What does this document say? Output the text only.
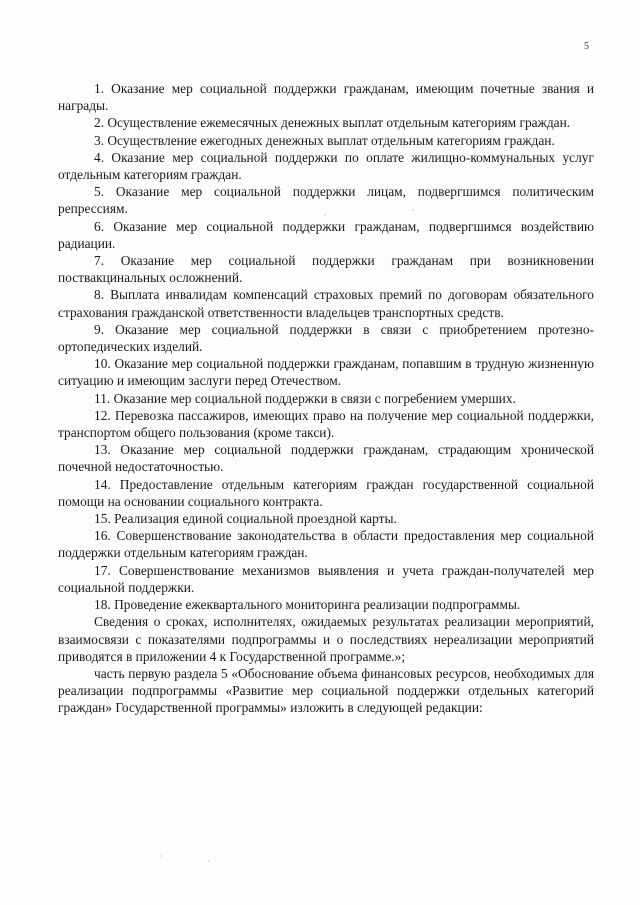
5

1. Оказание мер социальной поддержки гражданам, имеющим почетные звания и награды.

2. Осуществление ежемесячных денежных выплат отдельным категориям граждан.

3. Осуществление ежегодных денежных выплат отдельным категориям граждан.

4. Оказание мер социальной поддержки по оплате жилищно-коммунальных услуг отдельным категориям граждан.

5. Оказание мер социальной поддержки лицам, подвергшимся политическим репрессиям.

6. Оказание мер социальной поддержки гражданам, подвергшимся воздействию радиации.

7. Оказание мер социальной поддержки гражданам при возникновении поствакцинальных осложнений.

8. Выплата инвалидам компенсаций страховых премий по договорам обязательного страхования гражданской ответственности владельцев транспортных средств.

9. Оказание мер социальной поддержки в связи с приобретением протезно-ортопедических изделий.

10. Оказание мер социальной поддержки гражданам, попавшим в трудную жизненную ситуацию и имеющим заслуги перед Отечеством.

11. Оказание мер социальной поддержки в связи с погребением умерших.

12. Перевозка пассажиров, имеющих право на получение мер социальной поддержки, транспортом общего пользования (кроме такси).

13. Оказание мер социальной поддержки гражданам, страдающим хронической почечной недостаточностью.

14. Предоставление отдельным категориям граждан государственной социальной помощи на основании социального контракта.

15. Реализация единой социальной проездной карты.

16. Совершенствование законодательства в области предоставления мер социальной поддержки отдельным категориям граждан.

17. Совершенствование механизмов выявления и учета граждан-получателей мер социальной поддержки.

18. Проведение ежеквартального мониторинга реализации подпрограммы.

Сведения о сроках, исполнителях, ожидаемых результатах реализации мероприятий, взаимосвязи с показателями подпрограммы и о последствиях нереализации мероприятий приводятся в приложении 4 к Государственной программе.»;

часть первую раздела 5 «Обоснование объема финансовых ресурсов, необходимых для реализации подпрограммы «Развитие мер социальной поддержки отдельных категорий граждан» Государственной программы» изложить в следующей редакции:
